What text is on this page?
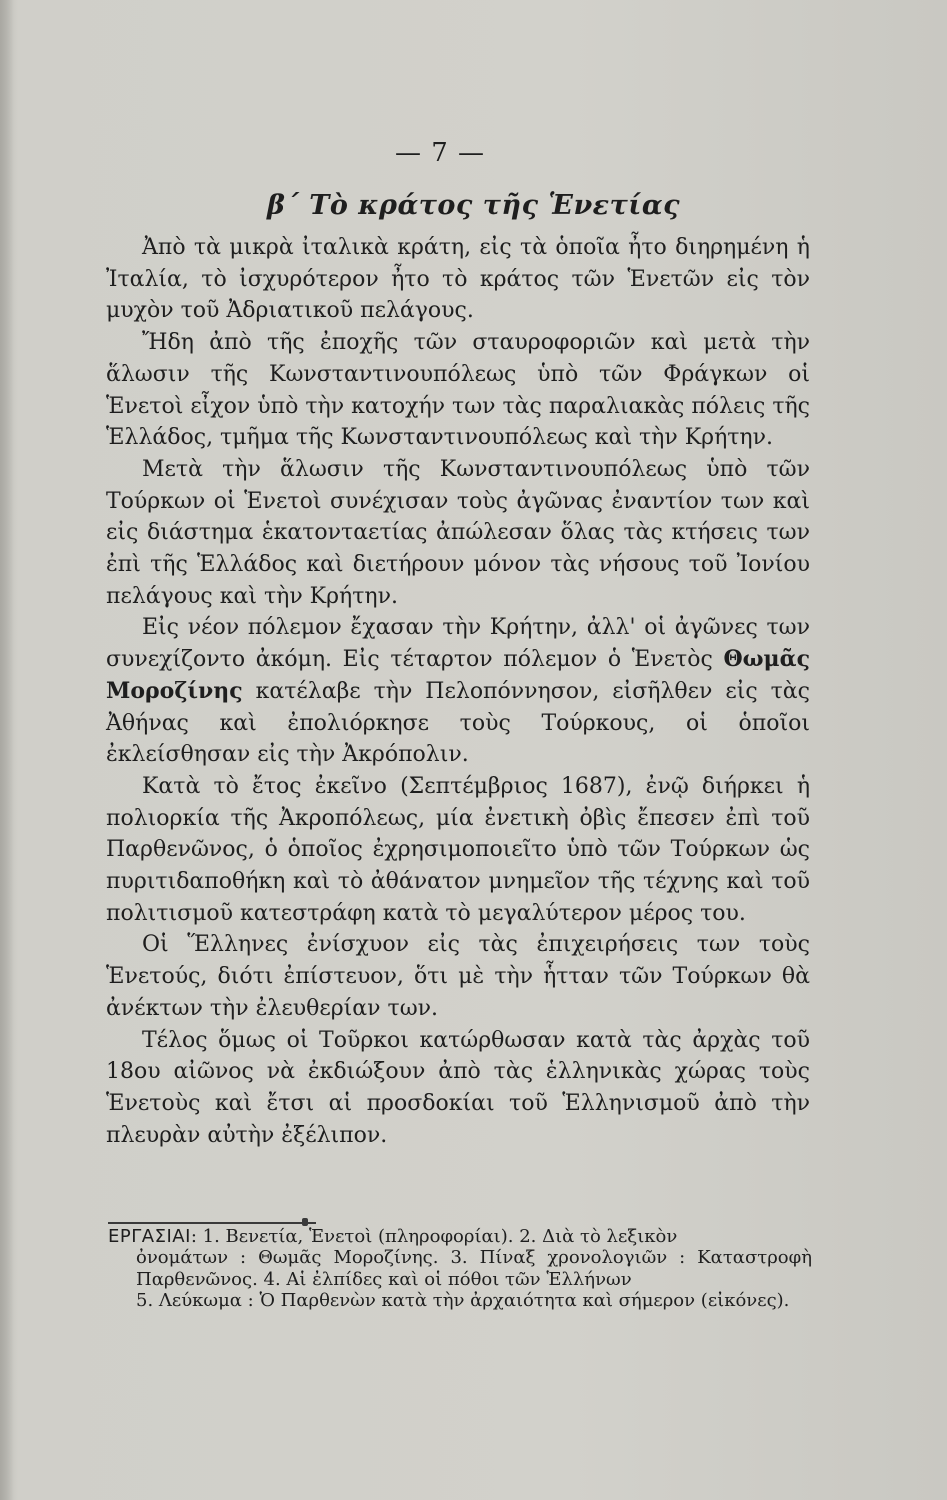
— 7 —
β΄ Τὸ κράτος τῆς Ἑνετίας

Ἀπὸ τὰ μικρὰ ἰταλικὰ κράτη, εἰς τὰ ὁποῖα ἦτο διηρημένη ἡ Ἰταλία, τὸ ἰσχυρότερον ἦτο τὸ κράτος τῶν Ἑνετῶν εἰς τὸν μυχὸν τοῦ Ἀδριατικοῦ πελάγους.

Ἤδη ἀπὸ τῆς ἐποχῆς τῶν σταυροφοριῶν καὶ μετὰ τὴν ἅλωσιν τῆς Κωνσταντινουπόλεως ὑπὸ τῶν Φράγκων οἱ Ἑνετοὶ εἶχον ὑπὸ τὴν κατοχήν των τὰς παραλιακὰς πόλεις τῆς Ἑλλάδος, τμῆμα τῆς Κωνσταντινουπόλεως καὶ τὴν Κρήτην.

Μετὰ τὴν ἅλωσιν τῆς Κωνσταντινουπόλεως ὑπὸ τῶν Τούρκων οἱ Ἑνετοὶ συνέχισαν τοὺς ἀγῶνας ἐναντίον των καὶ εἰς διάστημα ἑκατονταετίας ἀπώλεσαν ὅλας τὰς κτήσεις των ἐπὶ τῆς Ἑλλάδος καὶ διετήρουν μόνον τὰς νήσους τοῦ Ἰονίου πελάγους καὶ τὴν Κρήτην.

Εἰς νέον πόλεμον ἔχασαν τὴν Κρήτην, ἀλλ' οἱ ἀγῶνες των συνεχίζοντο ἀκόμη. Εἰς τέταρτον πόλεμον ὁ Ἑνετὸς Θωμᾶς Μοροζίνης κατέλαβε τὴν Πελοπόννησον, εἰσῆλθεν εἰς τὰς Ἀθήνας καὶ ἐπολιόρκησε τοὺς Τούρκους, οἱ ὁποῖοι ἐκλείσθησαν εἰς τὴν Ἀκρόπολιν.

Κατὰ τὸ ἔτος ἐκεῖνο (Σεπτέμβριος 1687), ἐνῷ διήρκει ἡ πολιορκία τῆς Ἀκροπόλεως, μία ἐνετικὴ ὀβὶς ἔπεσεν ἐπὶ τοῦ Παρθενῶνος, ὁ ὁποῖος ἐχρησιμοποιεῖτο ὑπὸ τῶν Τούρκων ὡς πυριτιδαποθήκη καὶ τὸ ἀθάνατον μνημεῖον τῆς τέχνης καὶ τοῦ πολιτισμοῦ κατεστράφη κατὰ τὸ μεγαλύτερον μέρος του.

Οἱ Ἕλληνες ἐνίσχυον εἰς τὰς ἐπιχειρήσεις των τοὺς Ἑνετούς, διότι ἐπίστευον, ὅτι μὲ τὴν ἧτταν τῶν Τούρκων θὰ ἀνέκτων τὴν ἐλευθερίαν των.

Τέλος ὅμως οἱ Τοῦρκοι κατώρθωσαν κατὰ τὰς ἀρχὰς τοῦ 18ου αἰῶνος νὰ ἐκδιώξουν ἀπὸ τὰς ἑλληνικὰς χώρας τοὺς Ἑνετοὺς καὶ ἔτσι αἱ προσδοκίαι τοῦ Ἑλληνισμοῦ ἀπὸ τὴν πλευρὰν αὐτὴν ἐξέλιπον.

ΕΡΓΑΣΙΑΙ: 1. Βενετία, Ἑνετοὶ (πληροφορίαι). 2. Διὰ τὸ λεξικὸν
ὀνομάτων : Θωμᾶς Μοροζίνης. 3. Πίναξ χρονολογιῶν : Καταστροφὴ Παρθενῶνος. 4. Αἱ ἐλπίδες καὶ οἱ πόθοι τῶν Ἑλλήνων
5. Λεύκωμα : Ὁ Παρθενὼν κατὰ τὴν ἀρχαιότητα καὶ σήμερον (εἰκόνες).
